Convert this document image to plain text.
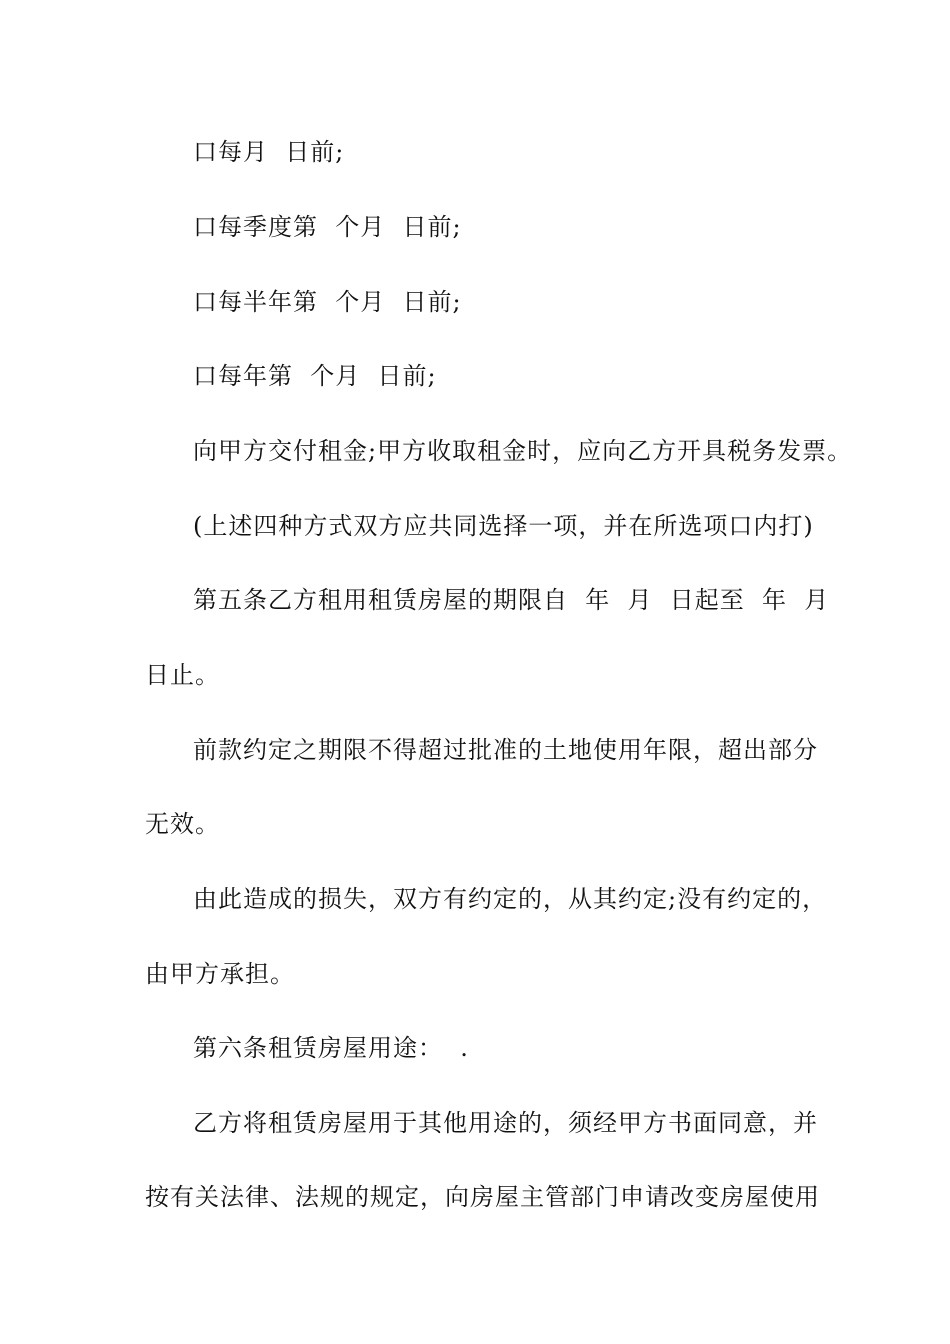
口每月  日前;
口每季度第  个月  日前;
口每半年第  个月  日前;
口每年第  个月  日前;
向甲方交付租金;甲方收取租金时，应向乙方开具税务发票。
(上述四种方式双方应共同选择一项，并在所选项口内打)
第五条乙方租用租赁房屋的期限自  年  月  日起至  年  月
日止。
前款约定之期限不得超过批准的土地使用年限，超出部分
无效。
由此造成的损失，双方有约定的，从其约定;没有约定的，
由甲方承担。
第六条租赁房屋用途：  .
乙方将租赁房屋用于其他用途的，须经甲方书面同意，并
按有关法律、法规的规定，向房屋主管部门申请改变房屋使用
